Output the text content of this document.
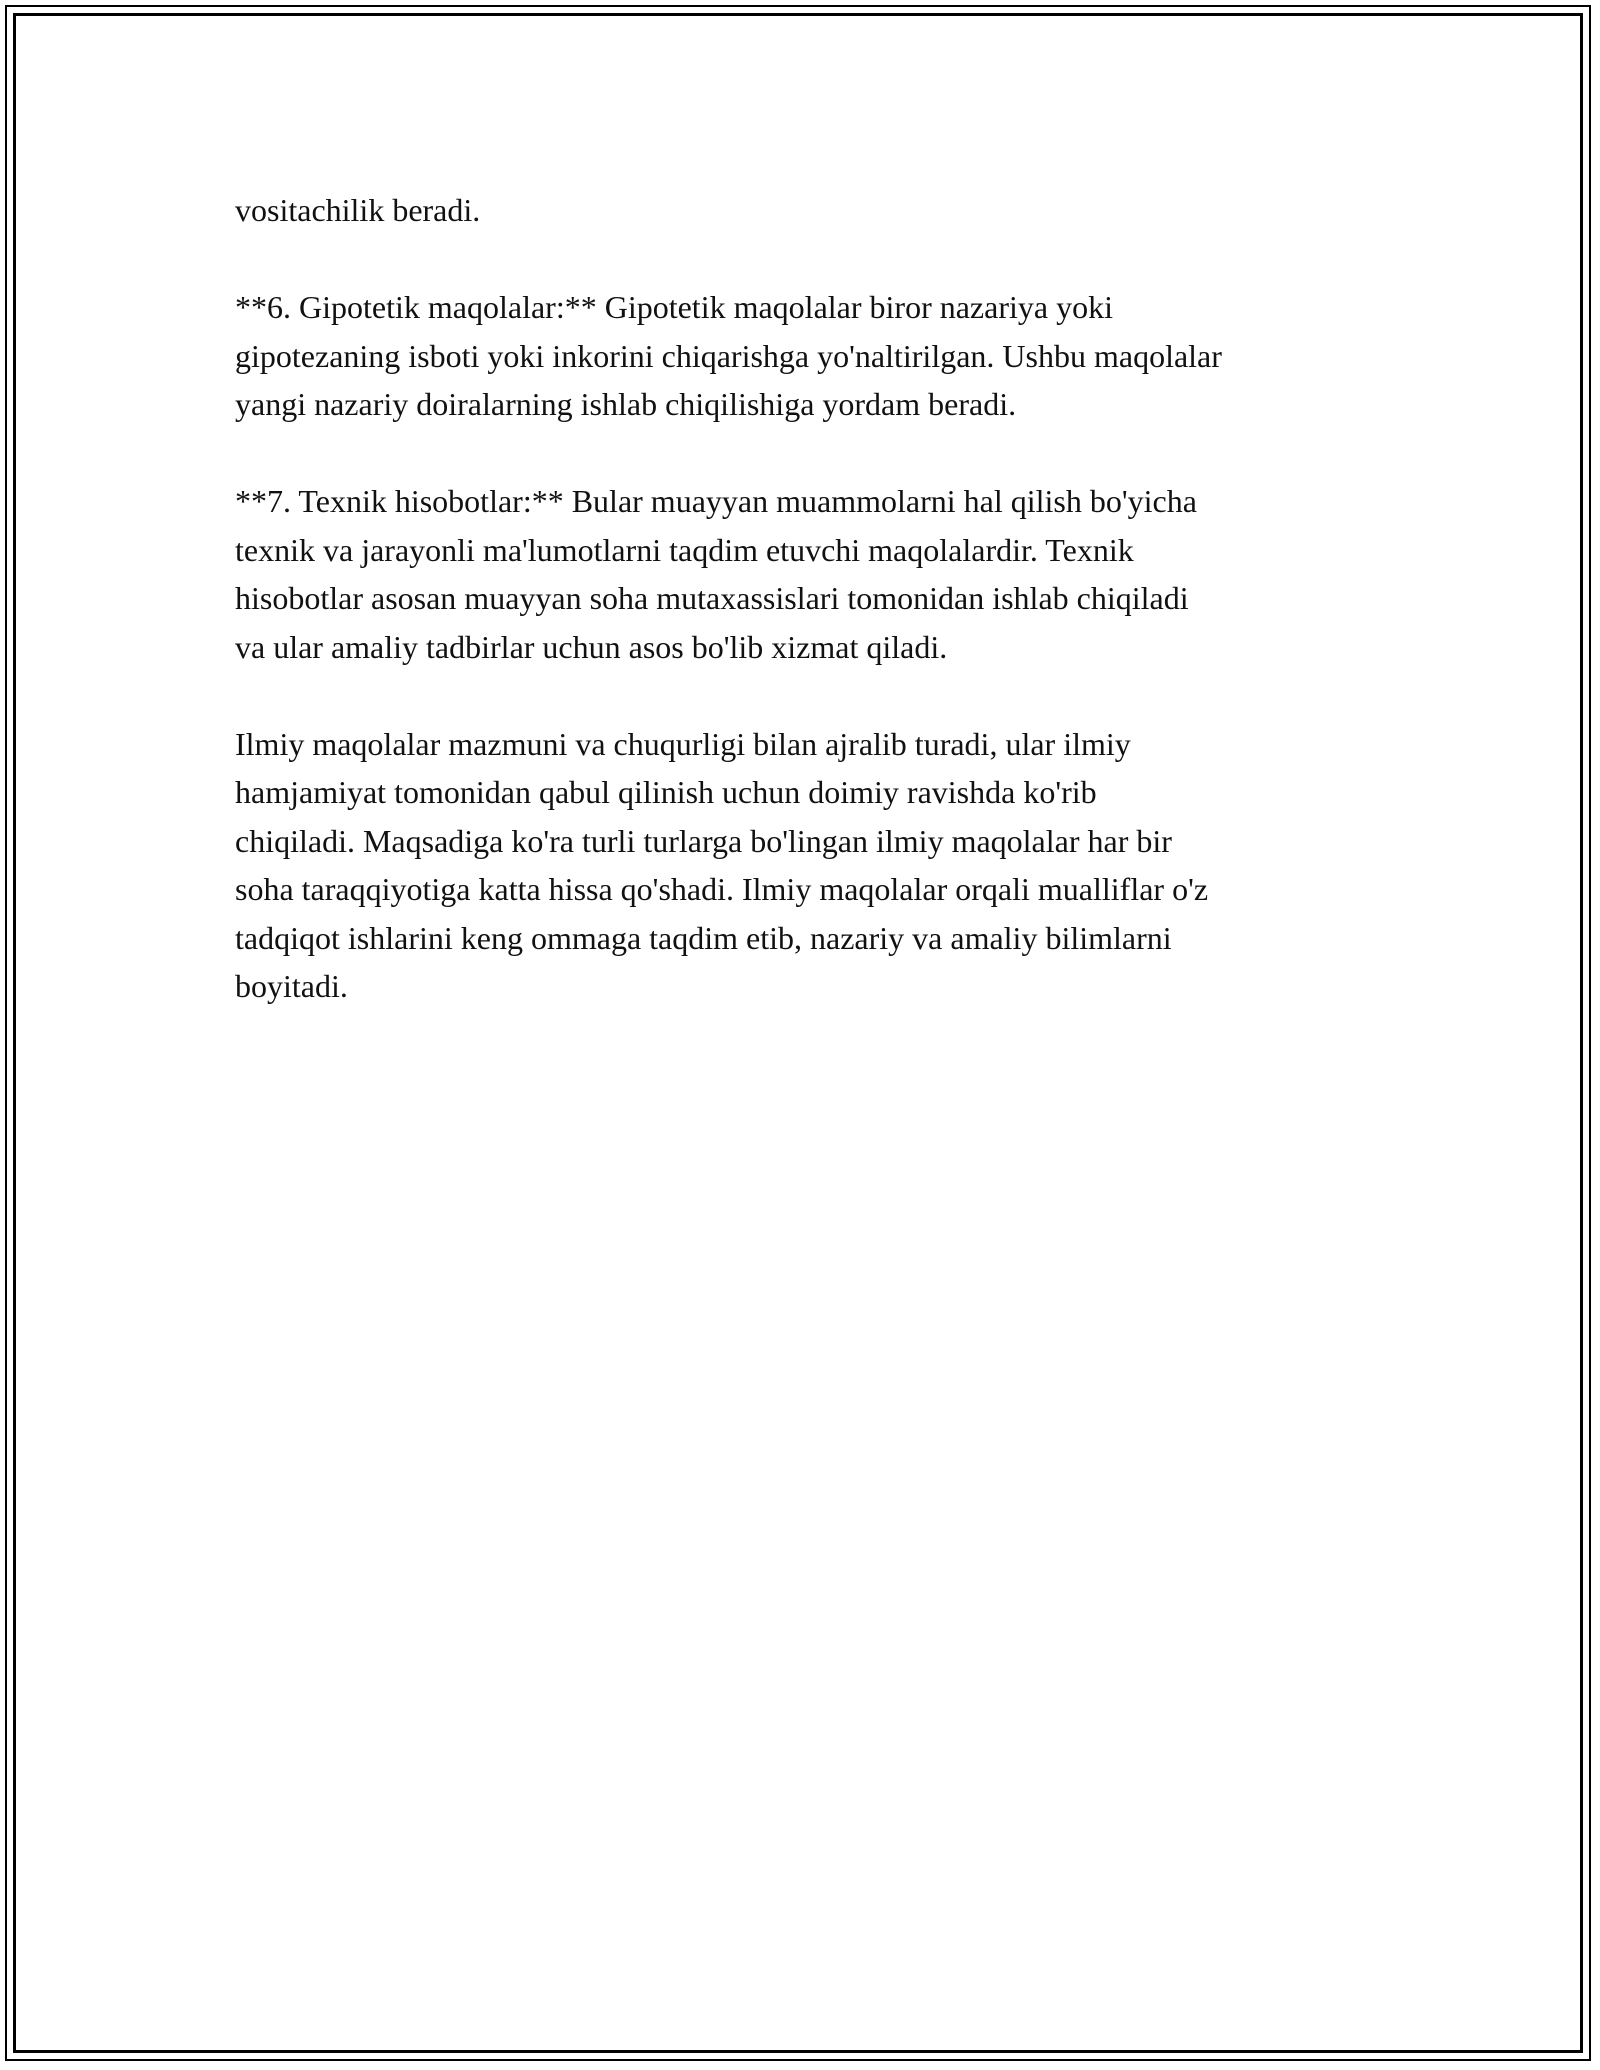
vositachilik beradi.
**6. Gipotetik maqolalar:** Gipotetik maqolalar biror nazariya yoki
gipotezaning isboti yoki inkorini chiqarishga yo'naltirilgan. Ushbu maqolalar
yangi nazariy doiralarning ishlab chiqilishiga yordam beradi.
**7. Texnik hisobotlar:** Bular muayyan muammolarni hal qilish bo'yicha
texnik va jarayonli ma'lumotlarni taqdim etuvchi maqolalardir. Texnik
hisobotlar asosan muayyan soha mutaxassislari tomonidan ishlab chiqiladi
va ular amaliy tadbirlar uchun asos bo'lib xizmat qiladi.
Ilmiy maqolalar mazmuni va chuqurligi bilan ajralib turadi, ular ilmiy
hamjamiyat tomonidan qabul qilinish uchun doimiy ravishda ko'rib
chiqiladi. Maqsadiga ko'ra turli turlarga bo'lingan ilmiy maqolalar har bir
soha taraqqiyotiga katta hissa qo'shadi. Ilmiy maqolalar orqali mualliflar o'z
tadqiqot ishlarini keng ommaga taqdim etib, nazariy va amaliy bilimlarni
boyitadi.
